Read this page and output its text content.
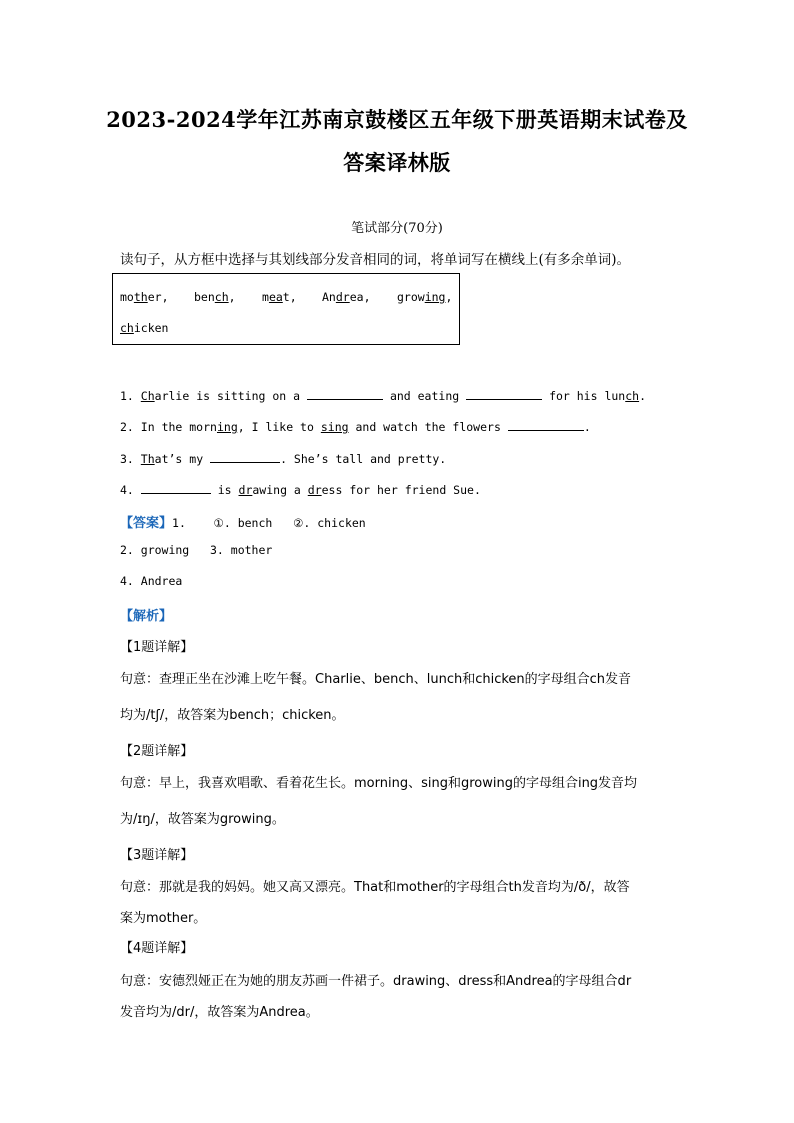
2023-2024学年江苏南京鼓楼区五年级下册英语期末试卷及
答案译林版
笔试部分(70分)
读句子，从方框中选择与其划线部分发音相同的词，将单词写在横线上(有多余单词)。
mother, bench, meat, Andrea, growing,
chicken
1. Charlie is sitting on a	and eating	for his lunch.
2. In the morning, I like to sing and watch the flowers	.
3. That’s my	. She’s tall and pretty.
4.	is drawing a dress for her friend Sue.
【答案】1.    ①. bench   ②. chicken
2. growing   3. mother
4. Andrea
【解析】
【1题详解】
句意：查理正坐在沙滩上吃午餐。Charlie、bench、lunch和chicken的字母组合ch发音
均为/tʃ/，故答案为bench；chicken。
【2题详解】
句意：早上，我喜欢唱歌、看着花生长。morning、sing和growing的字母组合ing发音均
为/ɪŋ/，故答案为growing。
【3题详解】
句意：那就是我的妈妈。她又高又漂亮。That和mother的字母组合th发音均为/ð/，故答
案为mother。
【4题详解】
句意：安德烈娅正在为她的朋友苏画一件裙子。drawing、dress和Andrea的字母组合dr
发音均为/dr/，故答案为Andrea。
